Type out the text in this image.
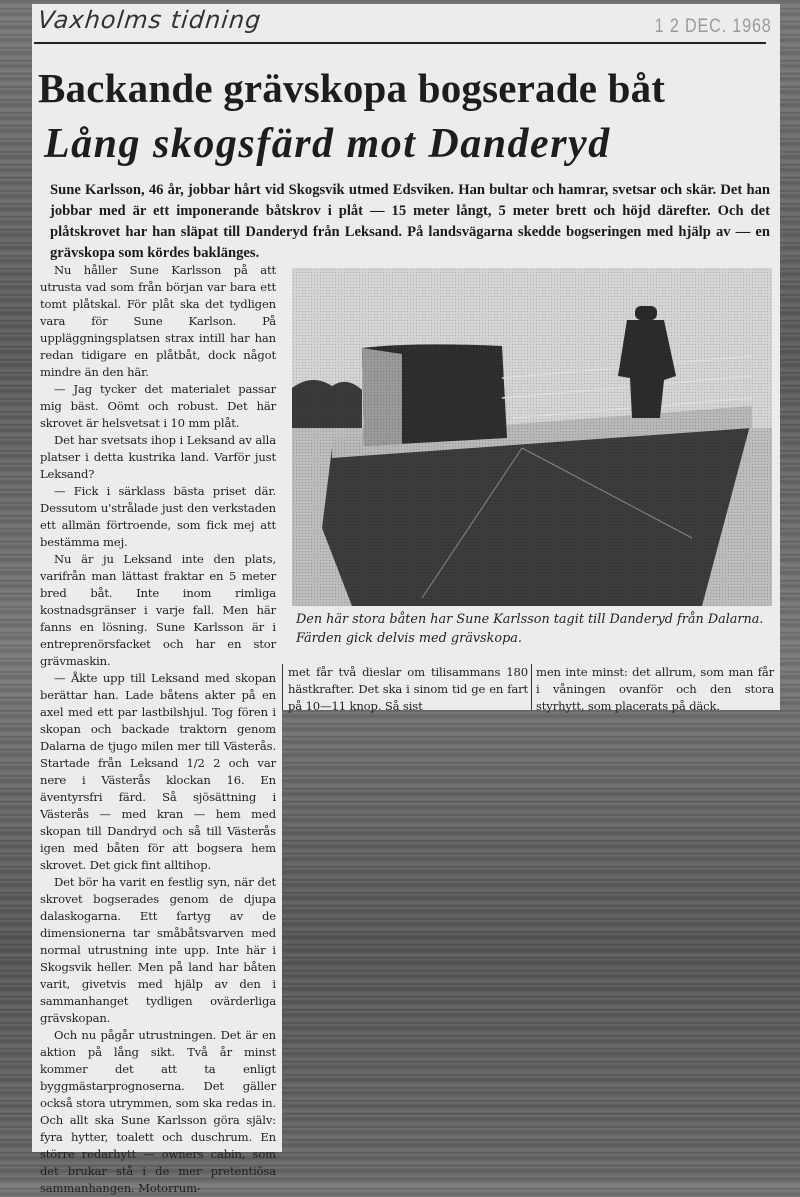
Vaxholms tidning	1 2 DEC. 1968
Backande grävskopa bogserade båt
Lång skogsfärd mot Danderyd
Sune Karlsson, 46 år, jobbar hårt vid Skogsvik utmed Edsviken. Han bultar och hamrar, svetsar och skär. Det han jobbar med är ett imponerande båtskrov i plåt — 15 meter långt, 5 meter brett och höjd därefter. Och det plåtskrovet har han släpat till Danderyd från Leksand. På landsvägarna skedde bogseringen med hjälp av — en grävskopa som kördes baklänges.

Nu håller Sune Karlsson på att utrusta vad som från början var bara ett tomt plåtskal. För plåt ska det tydligen vara för Sune Karlson. På uppläggningsplatsen strax intill har han redan tidigare en plåtbåt, dock något mindre än den här.

— Jag tycker det materialet passar mig bäst. Oömt och robust. Det här skrovet är helsvetsat i 10 mm plåt.

Det har svetsats ihop i Leksand av alla platser i detta kustrika land. Varför just Leksand?

— Fick i särklass bästa priset där. Dessutom u'strålade just den verkstaden ett allmän förtroende, som fick mej att bestämma mej.

Nu är ju Leksand inte den plats, varifrån man lättast fraktar en 5 meter bred båt. Inte inom rimliga kostnadsgränser i varje fall. Men här fanns en lösning. Sune Karlsson är i entreprenörsfacket och har en stor grävmaskin.

— Åkte upp till Leksand med skopan berättar han. Lade båtens akter på en axel med ett par lastbilshjul. Tog fören i skopan och backade traktorn genom Dalarna de tjugo milen mer till Västerås. Startade från Leksand 1/2 2 och var nere i Västerås klockan 16. En äventyrsfri färd. Så sjösättning i Västerås — med kran — hem med skopan till Dandryd och så till Västerås igen med båten för att bogsera hem skrovet. Det gick fint alltihop.

Det bör ha varit en festlig syn, när det skrovet bogserades genom de djupa dalaskogarna. Ett fartyg av de dimensionerna tar småbåtsvarven med normal utrustning inte upp. Inte här i Skogsvik heller. Men på land har båten varit, givetvis med hjälp av den i sammanhanget tydligen ovärderliga grävskopan.

Och nu pågår utrustningen. Det är en aktion på lång sikt. Två år minst kommer det att ta enligt byggmästarprognoserna. Det gäller också stora utrymmen, som ska redas in. Och allt ska Sune Karlsson göra själv: fyra hytter, toalett och duschrum. En större redarhytt — owners cabin, som det brukar stå i de mer pretentiösa sammanhangen. Motorrum-

Den här stora båten har Sune Karlsson tagit till Danderyd från Dalarna. Färden gick delvis med grävskopa.
met får två dieslar om tilisammans 180 hästkrafter. Det ska i sinom tid ge en fart på 10—11 knop. Så sist
men inte minst: det allrum, som man får i våningen ovanför och den stora styrhytt, som placerats på däck.
